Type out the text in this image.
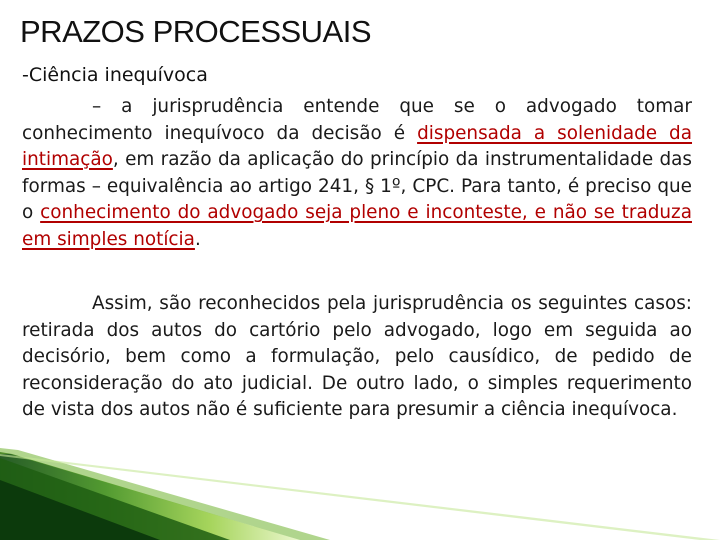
PRAZOS PROCESSUAIS

-Ciência inequívoca

– a jurisprudência entende que se o advogado tomar conhecimento inequívoco da decisão é dispensada a solenidade da intimação, em razão da aplicação do princípio da instrumentalidade das formas – equivalência ao artigo 241, § 1º, CPC. Para tanto, é preciso que o conhecimento do advogado seja pleno e inconteste, e não se traduza em simples notícia.

Assim, são reconhecidos pela jurisprudência os seguintes casos: retirada dos autos do cartório pelo advogado, logo em seguida ao decisório, bem como a formulação, pelo causídico, de pedido de reconsideração do ato judicial. De outro lado, o simples requerimento de vista dos autos não é suficiente para presumir a ciência inequívoca.
